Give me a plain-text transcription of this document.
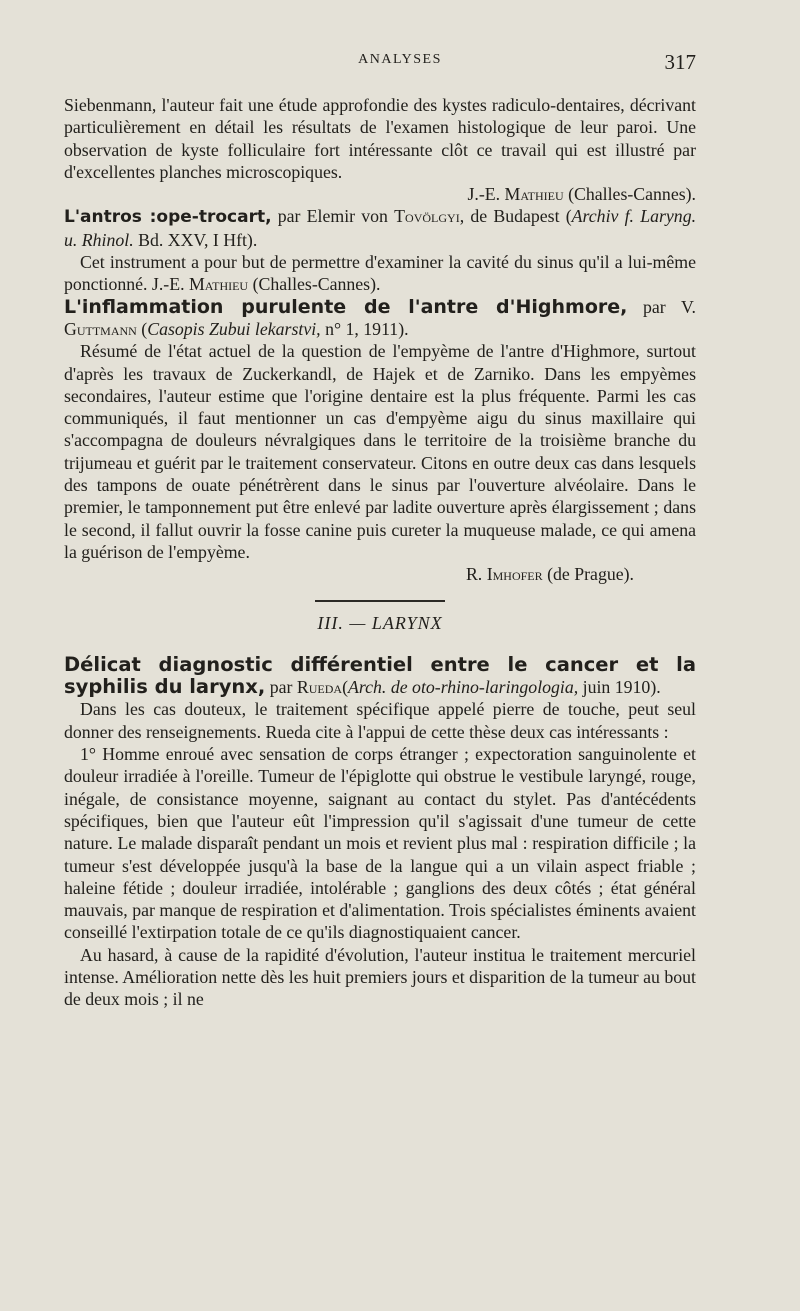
ANALYSES	317

Siebenmann, l'auteur fait une étude approfondie des kystes radiculo-dentaires, décrivant particulièrement en détail les résultats de l'examen histologique de leur paroi. Une observation de kyste folliculaire fort intéressante clôt ce travail qui est illustré par d'excellentes planches microscopiques.

J.-E. Mathieu (Challes-Cannes).

L'antros :ope-trocart, par Elemir von Tovölgyi, de Budapest (Archiv f. Laryng. u. Rhinol. Bd. XXV, I Hft).

Cet instrument a pour but de permettre d'examiner la cavité du sinus qu'il a lui-même ponctionné. J.-E. Mathieu (Challes-Cannes).

L'inflammation purulente de l'antre d'Highmore, par V. Guttmann (Casopis Zubui lekarstvi, n° 1, 1911).

Résumé de l'état actuel de la question de l'empyème de l'antre d'Highmore, surtout d'après les travaux de Zuckerkandl, de Hajek et de Zarniko. Dans les empyèmes secondaires, l'auteur estime que l'origine dentaire est la plus fréquente. Parmi les cas communiqués, il faut mentionner un cas d'empyème aigu du sinus maxillaire qui s'accompagna de douleurs névralgiques dans le territoire de la troisième branche du trijumeau et guérit par le traitement conservateur. Citons en outre deux cas dans lesquels des tampons de ouate pénétrèrent dans le sinus par l'ouverture alvéolaire. Dans le premier, le tamponnement put être enlevé par ladite ouverture après élargissement ; dans le second, il fallut ouvrir la fosse canine puis cureter la muqueuse malade, ce qui amena la guérison de l'empyème.

R. Imhofer (de Prague).

III. — LARYNX

Délicat diagnostic différentiel entre le cancer et la syphilis du larynx, par Rueda(Arch. de oto-rhino-laringologia, juin 1910).

Dans les cas douteux, le traitement spécifique appelé pierre de touche, peut seul donner des renseignements. Rueda cite à l'appui de cette thèse deux cas intéressants :

1° Homme enroué avec sensation de corps étranger ; expectoration sanguinolente et douleur irradiée à l'oreille. Tumeur de l'épiglotte qui obstrue le vestibule laryngé, rouge, inégale, de consistance moyenne, saignant au contact du stylet. Pas d'antécédents spécifiques, bien que l'auteur eût l'impression qu'il s'agissait d'une tumeur de cette nature. Le malade disparaît pendant un mois et revient plus mal : respiration difficile ; la tumeur s'est développée jusqu'à la base de la langue qui a un vilain aspect friable ; haleine fétide ; douleur irradiée, intolérable ; ganglions des deux côtés ; état général mauvais, par manque de respiration et d'alimentation. Trois spécialistes éminents avaient conseillé l'extirpation totale de ce qu'ils diagnostiquaient cancer.

Au hasard, à cause de la rapidité d'évolution, l'auteur institua le traitement mercuriel intense. Amélioration nette dès les huit premiers jours et disparition de la tumeur au bout de deux mois ; il ne
